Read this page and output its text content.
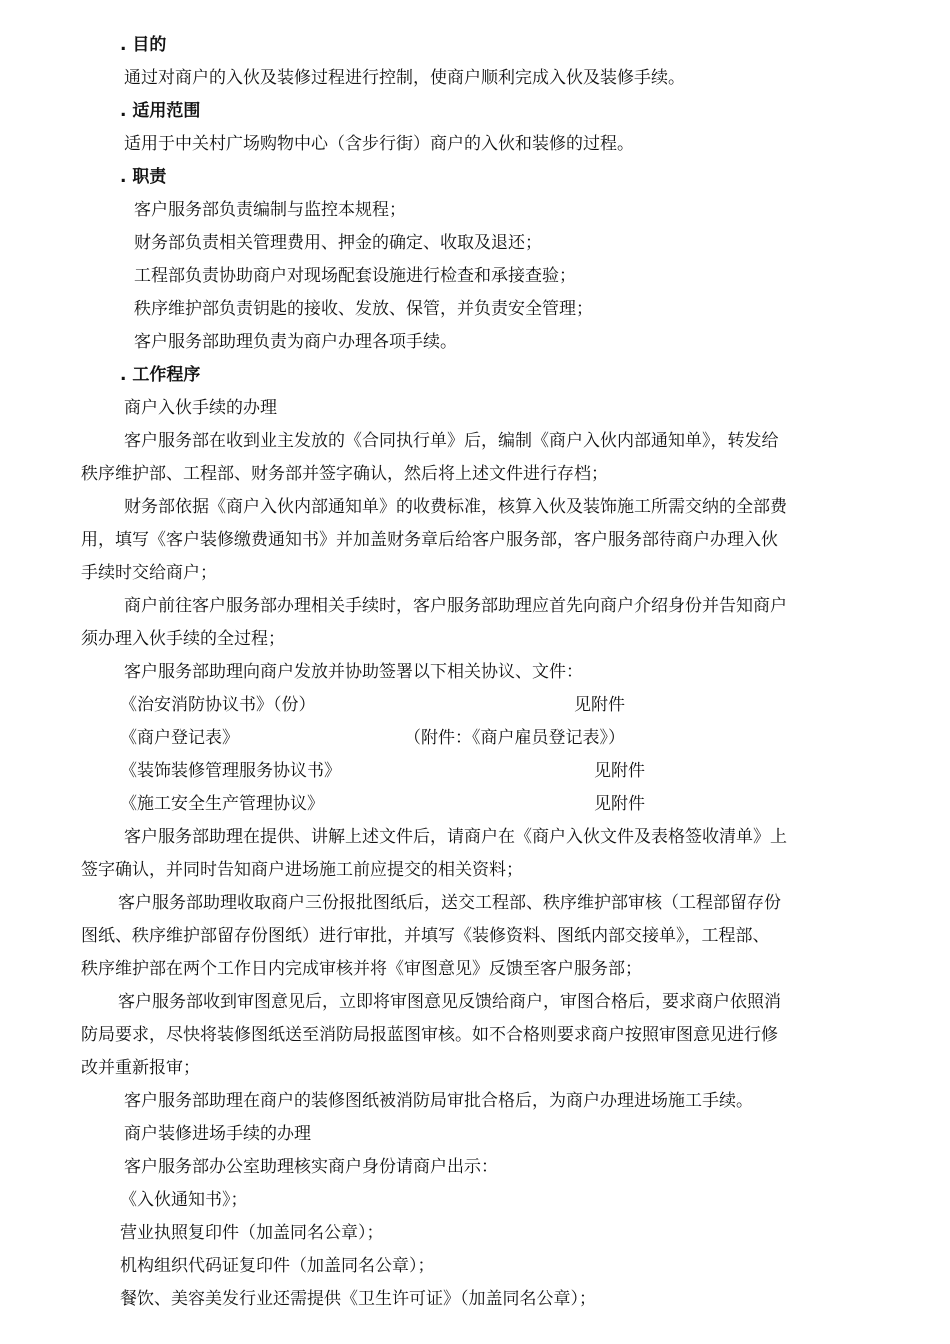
. 目的
通过对商户的入伙及装修过程进行控制，使商户顺利完成入伙及装修手续。
. 适用范围
适用于中关村广场购物中心（含步行街）商户的入伙和装修的过程。
. 职责
客户服务部负责编制与监控本规程；
财务部负责相关管理费用、押金的确定、收取及退还；
工程部负责协助商户对现场配套设施进行检查和承接查验；
秩序维护部负责钥匙的接收、发放、保管，并负责安全管理；
客户服务部助理负责为商户办理各项手续。
. 工作程序
商户入伙手续的办理
客户服务部在收到业主发放的《合同执行单》后，编制《商户入伙内部通知单》，转发给
秩序维护部、工程部、财务部并签字确认，然后将上述文件进行存档；
财务部依据《商户入伙内部通知单》的收费标准，核算入伙及装饰施工所需交纳的全部费
用，填写《客户装修缴费通知书》并加盖财务章后给客户服务部，客户服务部待商户办理入伙
手续时交给商户；
商户前往客户服务部办理相关手续时，客户服务部助理应首先向商户介绍身份并告知商户
须办理入伙手续的全过程；
客户服务部助理向商户发放并协助签署以下相关协议、文件：
《治安消防协议书》（份）	见附件
《商户登记表》	（附件：《商户雇员登记表》）
《装饰装修管理服务协议书》	见附件
《施工安全生产管理协议》	见附件
客户服务部助理在提供、讲解上述文件后，请商户在《商户入伙文件及表格签收清单》上
签字确认，并同时告知商户进场施工前应提交的相关资料；
客户服务部助理收取商户三份报批图纸后，送交工程部、秩序维护部审核（工程部留存份
图纸、秩序维护部留存份图纸）进行审批，并填写《装修资料、图纸内部交接单》，工程部、
秩序维护部在两个工作日内完成审核并将《审图意见》反馈至客户服务部；
客户服务部收到审图意见后，立即将审图意见反馈给商户，审图合格后，要求商户依照消
防局要求，尽快将装修图纸送至消防局报蓝图审核。如不合格则要求商户按照审图意见进行修
改并重新报审；
客户服务部助理在商户的装修图纸被消防局审批合格后，为商户办理进场施工手续。
商户装修进场手续的办理
客户服务部办公室助理核实商户身份请商户出示：
《入伙通知书》；
营业执照复印件（加盖同名公章）；
机构组织代码证复印件（加盖同名公章）；
餐饮、美容美发行业还需提供《卫生许可证》（加盖同名公章）；
